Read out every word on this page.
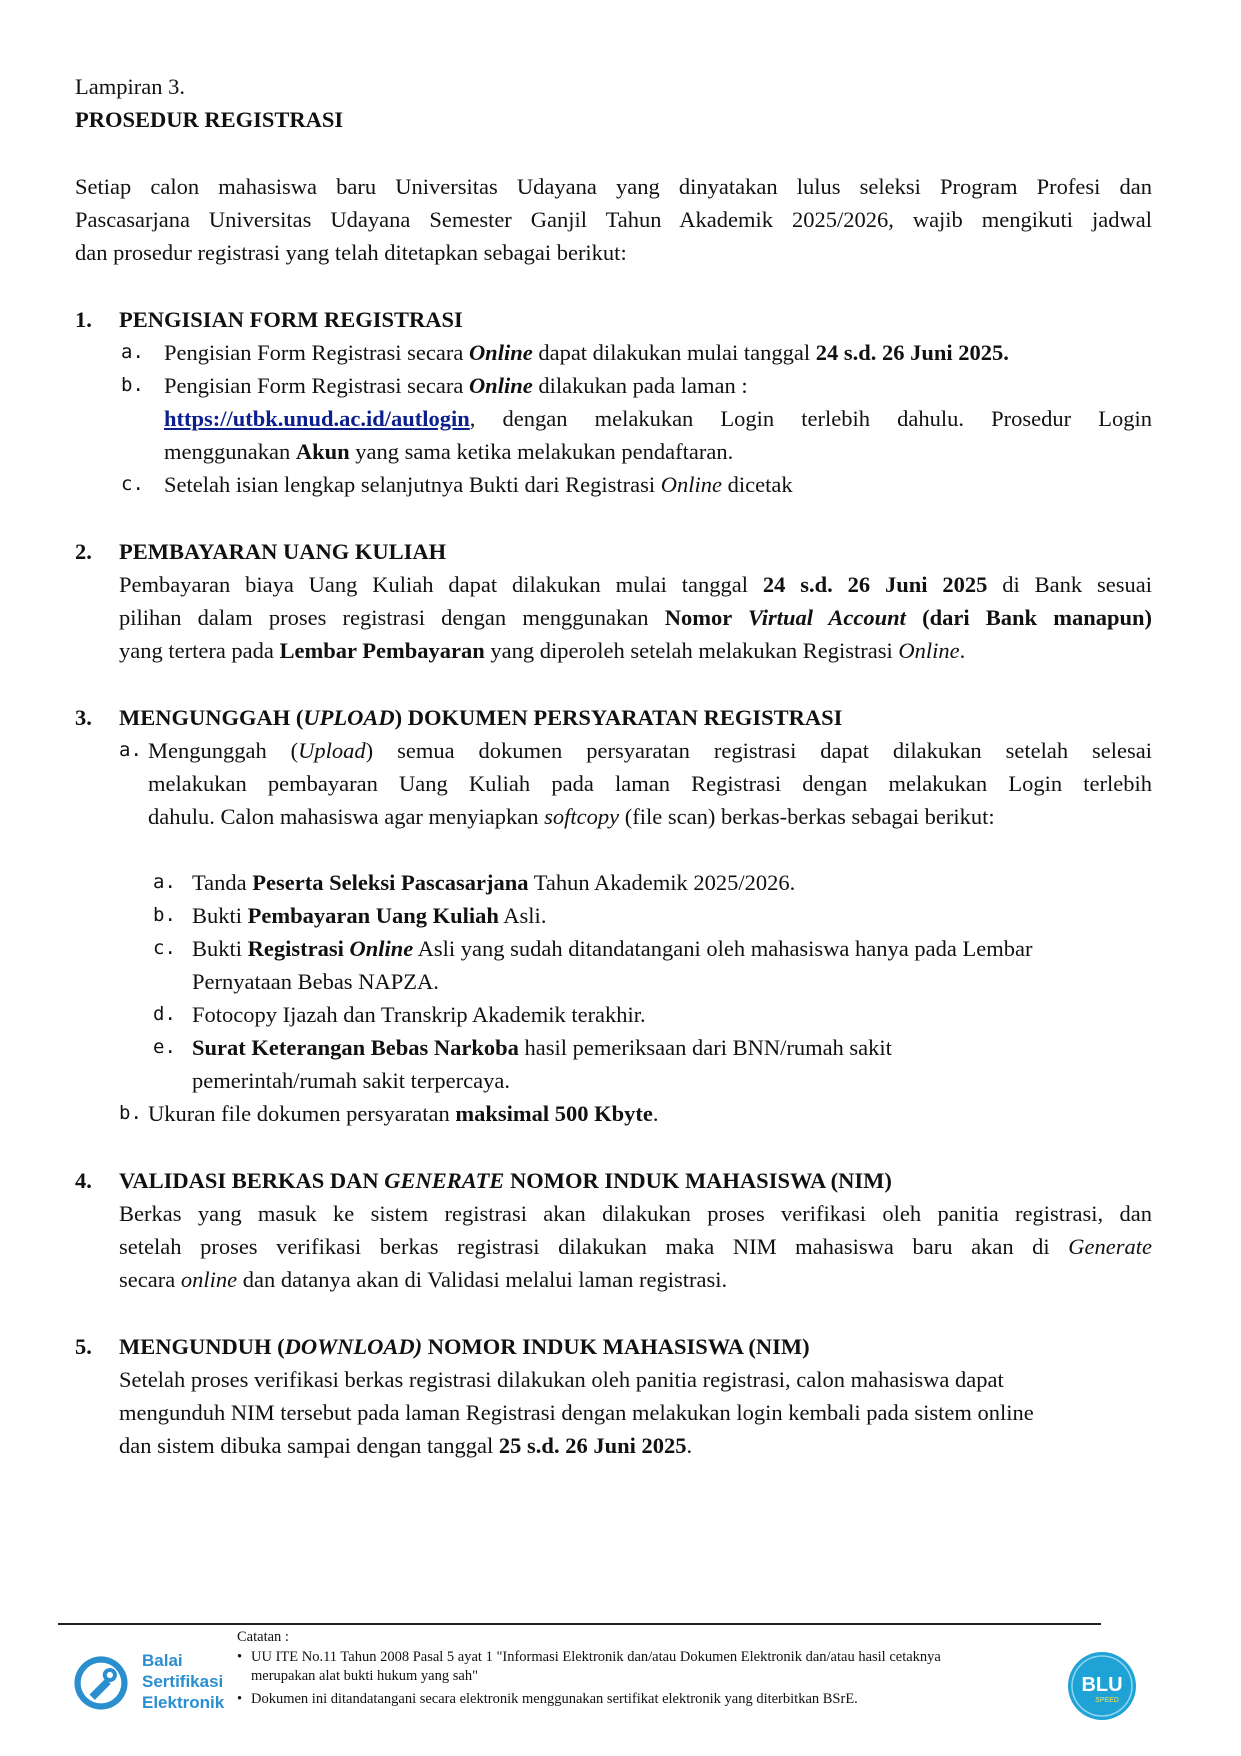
Lampiran 3.
PROSEDUR REGISTRASI
Setiap calon mahasiswa baru Universitas Udayana yang dinyatakan lulus seleksi Program Profesi dan
Pascasarjana Universitas Udayana Semester Ganjil Tahun Akademik 2025/2026, wajib mengikuti jadwal
dan prosedur registrasi yang telah ditetapkan sebagai berikut:
1. PENGISIAN FORM REGISTRASI
a. Pengisian Form Registrasi secara Online dapat dilakukan mulai tanggal 24 s.d. 26 Juni 2025.
b. Pengisian Form Registrasi secara Online dilakukan pada laman :
https://utbk.unud.ac.id/autlogin, dengan melakukan Login terlebih dahulu. Prosedur Login
menggunakan Akun yang sama ketika melakukan pendaftaran.
c. Setelah isian lengkap selanjutnya Bukti dari Registrasi Online dicetak
2. PEMBAYARAN UANG KULIAH
Pembayaran biaya Uang Kuliah dapat dilakukan mulai tanggal 24 s.d. 26 Juni 2025 di Bank sesuai
pilihan dalam proses registrasi dengan menggunakan Nomor Virtual Account (dari Bank manapun)
yang tertera pada Lembar Pembayaran yang diperoleh setelah melakukan Registrasi Online.
3. MENGUNGGAH (UPLOAD) DOKUMEN PERSYARATAN REGISTRASI
a. Mengunggah (Upload) semua dokumen persyaratan registrasi dapat dilakukan setelah selesai
melakukan pembayaran Uang Kuliah pada laman Registrasi dengan melakukan Login terlebih
dahulu. Calon mahasiswa agar menyiapkan softcopy (file scan) berkas-berkas sebagai berikut:
a. Tanda Peserta Seleksi Pascasarjana Tahun Akademik 2025/2026.
b. Bukti Pembayaran Uang Kuliah Asli.
c. Bukti Registrasi Online Asli yang sudah ditandatangani oleh mahasiswa hanya pada Lembar
Pernyataan Bebas NAPZA.
d. Fotocopy Ijazah dan Transkrip Akademik terakhir.
e. Surat Keterangan Bebas Narkoba hasil pemeriksaan dari BNN/rumah sakit
pemerintah/rumah sakit terpercaya.
b. Ukuran file dokumen persyaratan maksimal 500 Kbyte.
4. VALIDASI BERKAS DAN GENERATE NOMOR INDUK MAHASISWA (NIM)
Berkas yang masuk ke sistem registrasi akan dilakukan proses verifikasi oleh panitia registrasi, dan
setelah proses verifikasi berkas registrasi dilakukan maka NIM mahasiswa baru akan di Generate
secara online dan datanya akan di Validasi melalui laman registrasi.
5. MENGUNDUH (DOWNLOAD) NOMOR INDUK MAHASISWA (NIM)
Setelah proses verifikasi berkas registrasi dilakukan oleh panitia registrasi, calon mahasiswa dapat
mengunduh NIM tersebut pada laman Registrasi dengan melakukan login kembali pada sistem online
dan sistem dibuka sampai dengan tanggal 25 s.d. 26 Juni 2025.
Balai
Sertifikasi
Elektronik
Catatan :
• UU ITE No.11 Tahun 2008 Pasal 5 ayat 1 "Informasi Elektronik dan/atau Dokumen Elektronik dan/atau hasil cetaknya
merupakan alat bukti hukum yang sah"
• Dokumen ini ditandatangani secara elektronik menggunakan sertifikat elektronik yang diterbitkan BSrE.
BLU
SPEED
